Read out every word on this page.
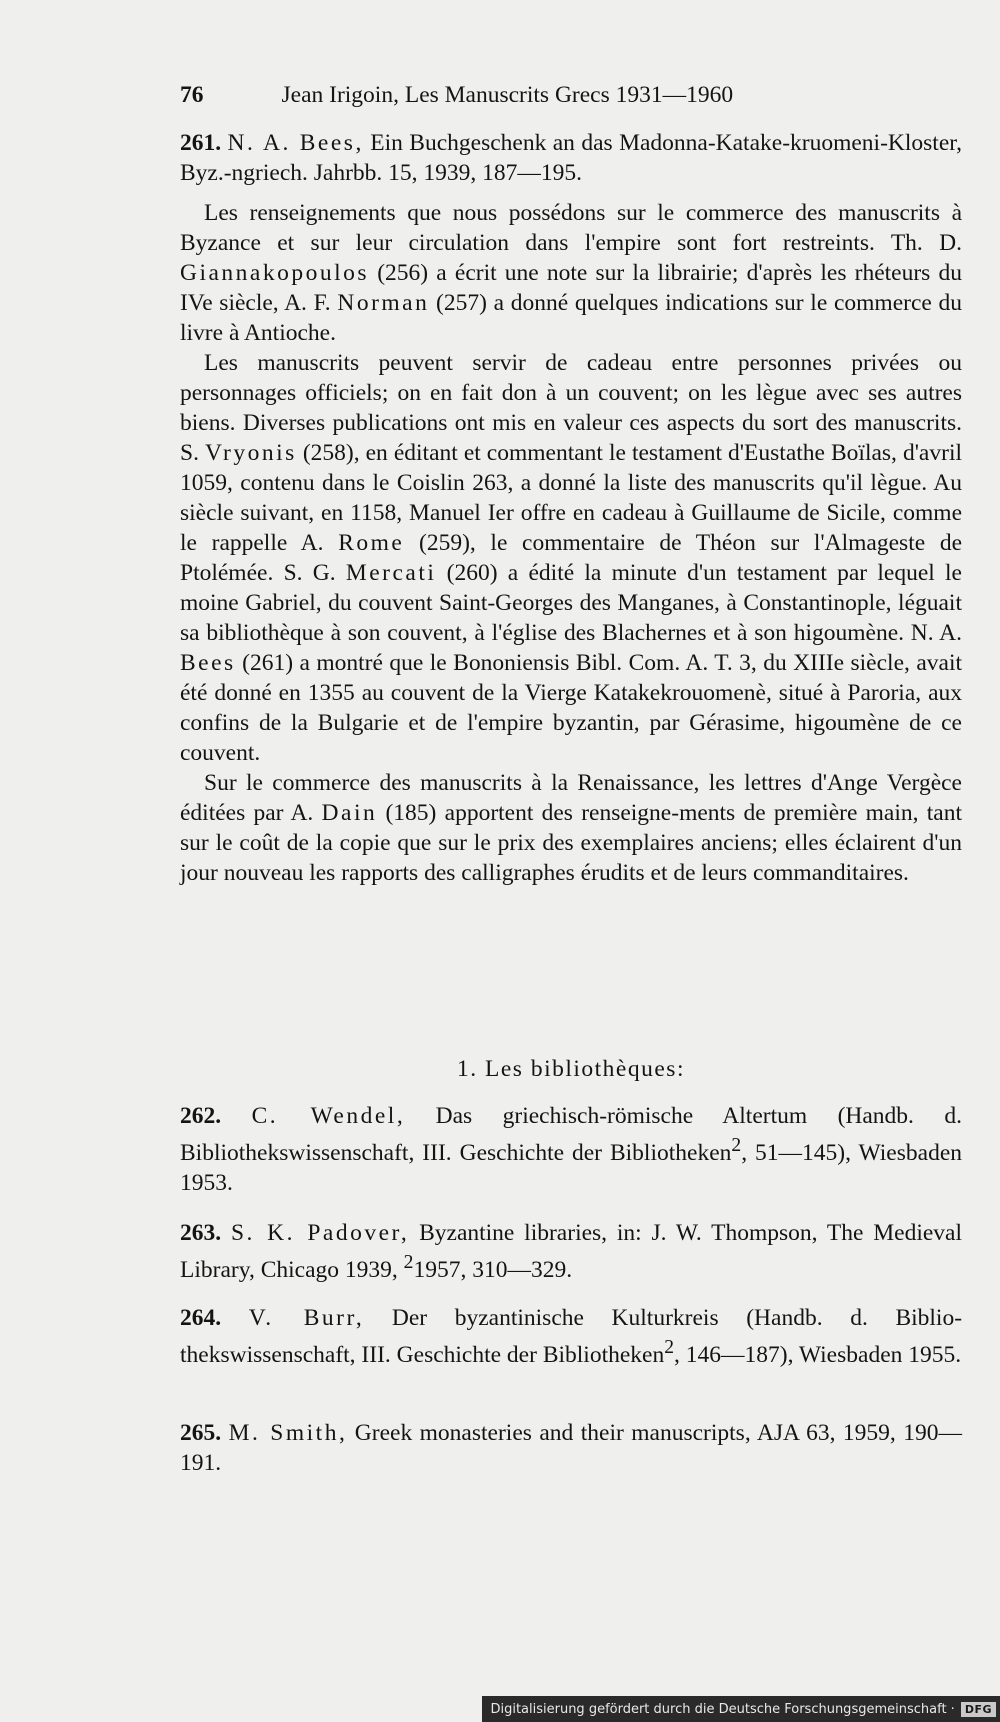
76	Jean Irigoin, Les Manuscrits Grecs 1931—1960
261. N. A. Bees, Ein Buchgeschenk an das Madonna-Katake-kruomeni-Kloster, Byz.-ngriech. Jahrbb. 15, 1939, 187—195.

Les renseignements que nous possédons sur le commerce des manuscrits à Byzance et sur leur circulation dans l'empire sont fort restreints. Th. D. Giannakopoulos (256) a écrit une note sur la librairie; d'après les rhéteurs du IVe siècle, A. F. Norman (257) a donné quelques indications sur le commerce du livre à Antioche.

Les manuscrits peuvent servir de cadeau entre personnes privées ou personnages officiels; on en fait don à un couvent; on les lègue avec ses autres biens. Diverses publications ont mis en valeur ces aspects du sort des manuscrits. S. Vryonis (258), en éditant et commentant le testament d'Eustathe Boïlas, d'avril 1059, contenu dans le Coislin 263, a donné la liste des manuscrits qu'il lègue. Au siècle suivant, en 1158, Manuel Ier offre en cadeau à Guillaume de Sicile, comme le rappelle A. Rome (259), le commentaire de Théon sur l'Almageste de Ptolémée. S. G. Mercati (260) a édité la minute d'un testament par lequel le moine Gabriel, du couvent Saint-Georges des Manganes, à Constantinople, léguait sa bibliothèque à son couvent, à l'église des Blachernes et à son higoumène. N. A. Bees (261) a montré que le Bononiensis Bibl. Com. A. T. 3, du XIIIe siècle, avait été donné en 1355 au couvent de la Vierge Katakekrouomenè, situé à Paroria, aux confins de la Bulgarie et de l'empire byzantin, par Gérasime, higoumène de ce couvent.

Sur le commerce des manuscrits à la Renaissance, les lettres d'Ange Vergèce éditées par A. Dain (185) apportent des renseigne-ments de première main, tant sur le coût de la copie que sur le prix des exemplaires anciens; elles éclairent d'un jour nouveau les rapports des calligraphes érudits et de leurs commanditaires.

1. Les bibliothèques:
262. C. Wendel, Das griechisch-römische Altertum (Handb. d. Bibliothekswissenschaft, III. Geschichte der Bibliotheken$^2$, 51—145), Wiesbaden 1953.
263. S. K. Padover, Byzantine libraries, in: J. W. Thompson, The Medieval Library, Chicago 1939, $^2$1957, 310—329.
264. V. Burr, Der byzantinische Kulturkreis (Handb. d. Biblio-thekswissenschaft, III. Geschichte der Bibliotheken$^2$, 146—187), Wiesbaden 1955.
265. M. Smith, Greek monasteries and their manuscripts, AJA 63, 1959, 190—191.
Digitalisierung gefördert durch die Deutsche Forschungsgemeinschaft · DFG
